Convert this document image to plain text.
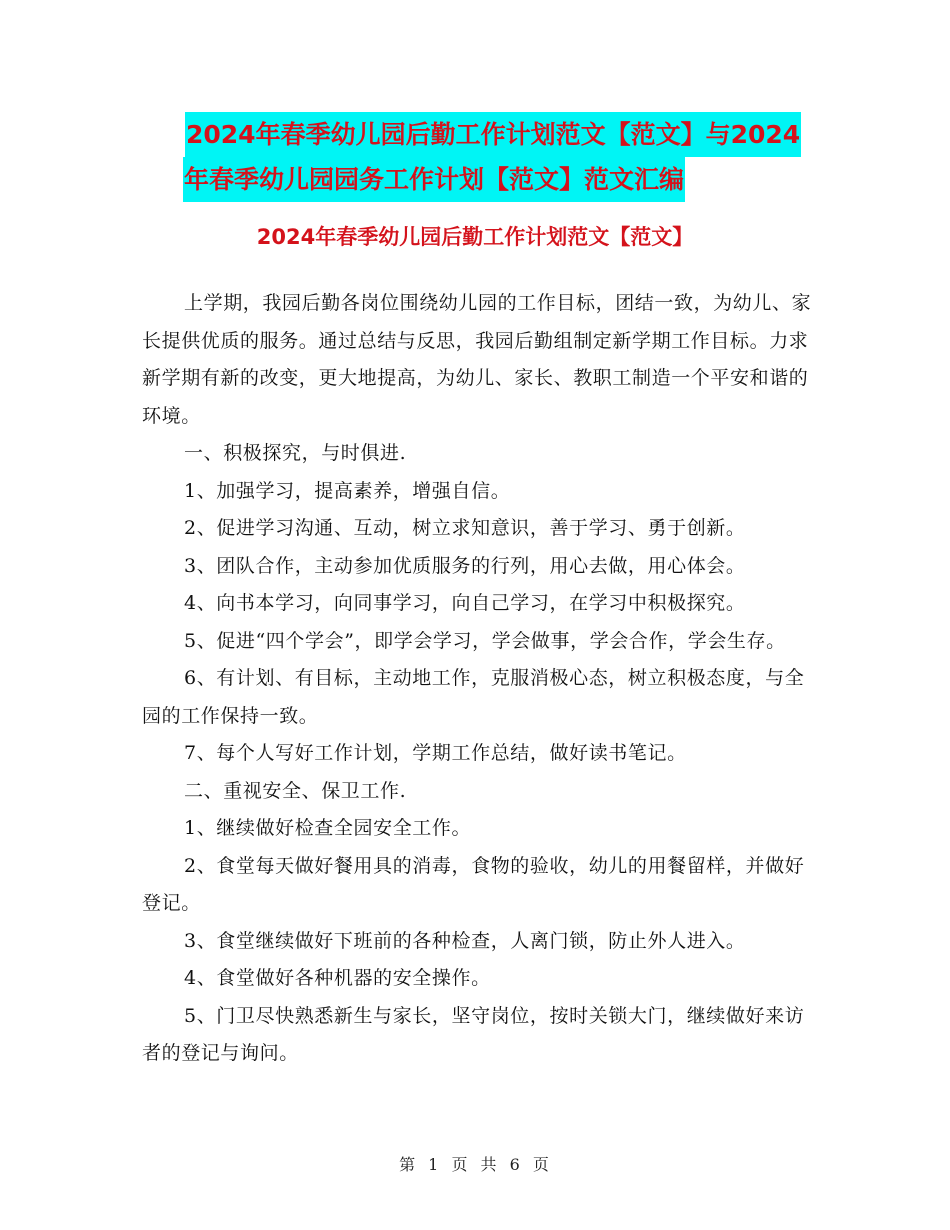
2024年春季幼儿园后勤工作计划范文【范文】与2024
年春季幼儿园园务工作计划【范文】范文汇编
2024年春季幼儿园后勤工作计划范文【范文】

上学期，我园后勤各岗位围绕幼儿园的工作目标，团结一致，为幼儿、家长提供优质的服务。通过总结与反思，我园后勤组制定新学期工作目标。力求新学期有新的改变，更大地提高，为幼儿、家长、教职工制造一个平安和谐的环境。

一、积极探究，与时俱进.

1、加强学习，提高素养，增强自信。

2、促进学习沟通、互动，树立求知意识，善于学习、勇于创新。

3、团队合作，主动参加优质服务的行列，用心去做，用心体会。

4、向书本学习，向同事学习，向自己学习，在学习中积极探究。

5、促进“四个学会”，即学会学习，学会做事，学会合作，学会生存。

6、有计划、有目标，主动地工作，克服消极心态，树立积极态度，与全园的工作保持一致。

7、每个人写好工作计划，学期工作总结，做好读书笔记。

二、重视安全、保卫工作.

1、继续做好检查全园安全工作。

2、食堂每天做好餐用具的消毒，食物的验收，幼儿的用餐留样，并做好登记。

3、食堂继续做好下班前的各种检查，人离门锁，防止外人进入。

4、食堂做好各种机器的安全操作。

5、门卫尽快熟悉新生与家长，坚守岗位，按时关锁大门，继续做好来访者的登记与询问。

第 1 页 共 6 页
